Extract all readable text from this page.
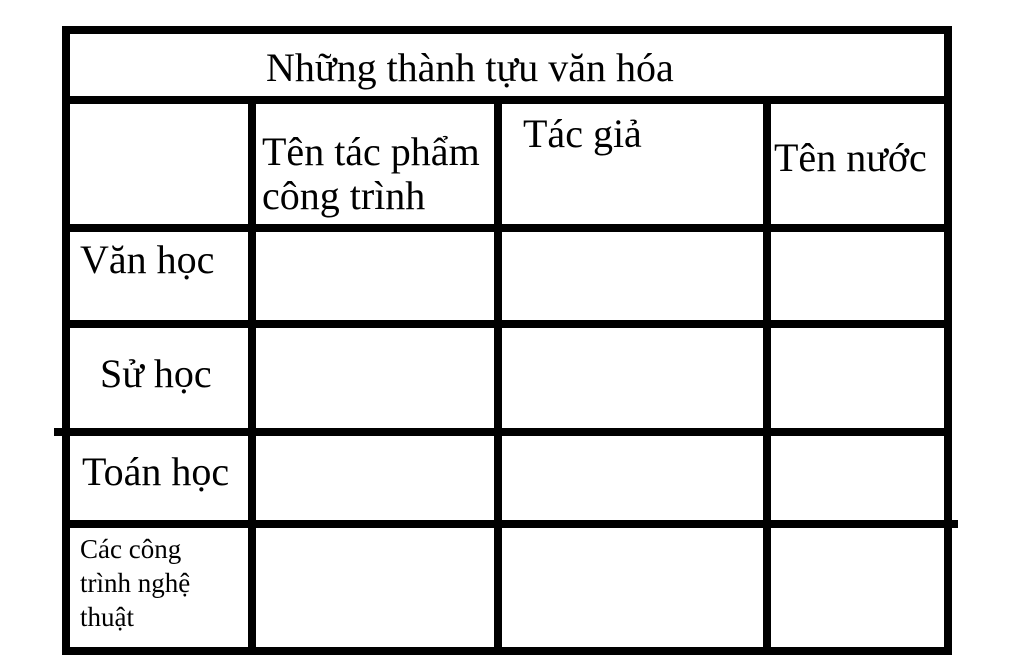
Những thành tựu văn hóa
Tên tác phẩm
công trình
Tác giả
Tên nước
Văn học
Sử học
Toán học
Các công
trình nghệ
thuật
